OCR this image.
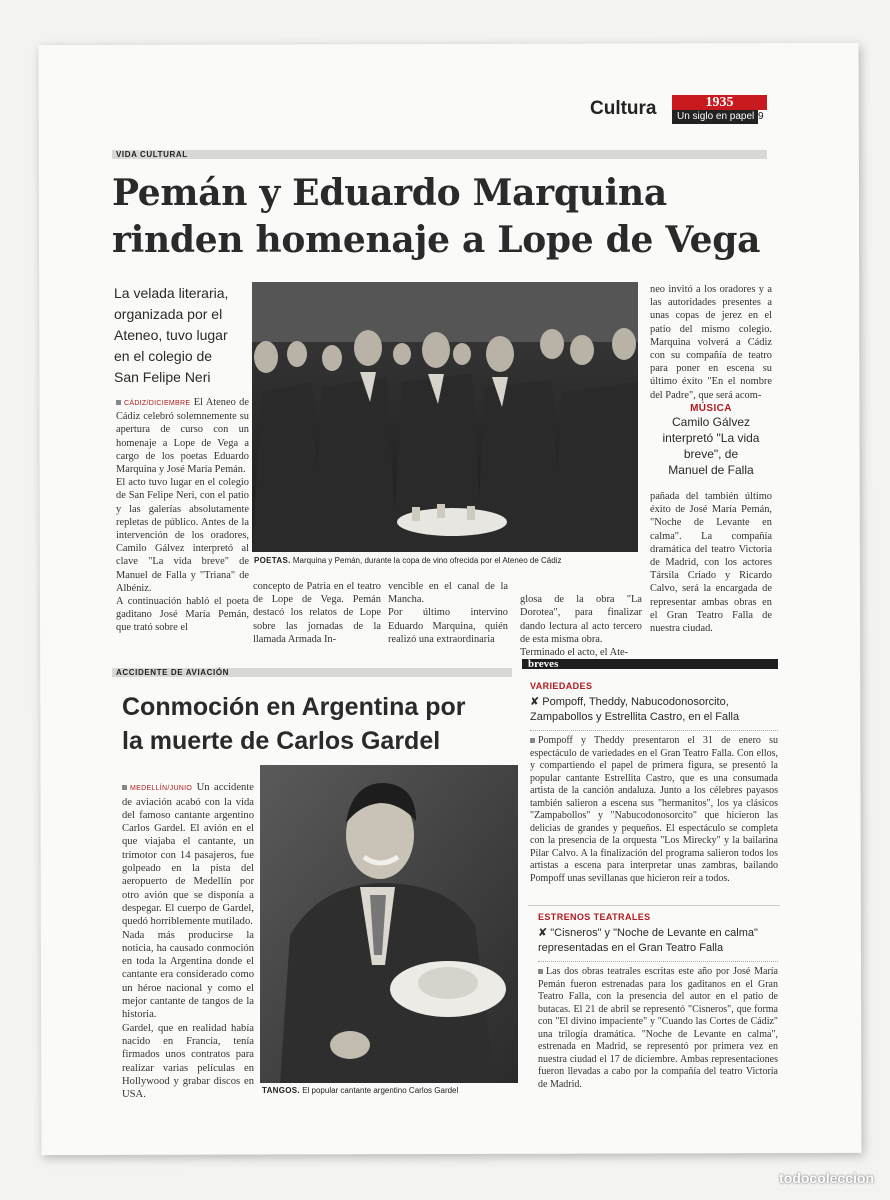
Cultura	1935
Un siglo en papel 9
VIDA CULTURAL
Pemán y Eduardo Marquina
rinden homenaje a Lope de Vega
La velada literaria,
organizada por el
Ateneo, tuvo lugar
en el colegio de
San Felipe Neri
POETAS. Marquina y Pemán, durante la copa de vino ofrecida por el Ateneo de Cádiz

CÁDIZ/DICIEMBRE El Ateneo de Cádiz celebró solemnemente su apertura de curso con un homenaje a Lope de Vega a cargo de los poetas Eduardo Marquina y José María Pemán.

El acto tuvo lugar en el colegio de San Felipe Neri, con el patio y las galerías absolutamente repletas de público. Antes de la intervención de los oradores, Camilo Gálvez interpretó al clave "La vida breve" de Manuel de Falla y "Triana" de Albéniz.

A continuación habló el poeta gaditano José María Pemán, que trató sobre el

concepto de Patria en el teatro de Lope de Vega. Pemán destacó los relatos de Lope sobre las jornadas de la llamada Armada In-

vencible en el canal de la Mancha.

Por último intervino Eduardo Marquina, quién realizó una extraordinaria

glosa de la obra "La Dorotea", para finalizar dando lectura al acto tercero de esta misma obra.
Terminado el acto, el Ate-

neo invitó a los oradores y a las autoridades presentes a unas copas de jerez en el patio del mismo colegio. Marquina volverá a Cádiz con su compañía de teatro para poner en escena su último éxito "En el nombre del Padre", que será acom-

MÚSICA
Camilo Gálvez
interpretó "La vida
breve", de
Manuel de Falla

pañada del también último éxito de José María Pemán, "Noche de Levante en calma". La compañía dramática del teatro Victoria de Madrid, con los actores Társila Criado y Ricardo Calvo, será la encargada de representar ambas obras en el Gran Teatro Falla de nuestra ciudad.

ACCIDENTE DE AVIACIÓN
Conmoción en Argentina por
la muerte de Carlos Gardel

MEDELLÍN/JUNIO Un accidente de aviación acabó con la vida del famoso cantante argentino Carlos Gardel. El avión en el que viajaba el cantante, un trimotor con 14 pasajeros, fue golpeado en la pista del aeropuerto de Medellín por otro avión que se disponía a despegar. El cuerpo de Gardel, quedó horriblemente mutilado.
Nada más producirse la noticia, ha causado conmoción en toda la Argentina donde el cantante era considerado como un héroe nacional y como el mejor cantante de tangos de la historia.
Gardel, que en realidad había nacido en Francia, tenía firmados unos contratos para realizar varias películas en Hollywood y grabar discos en USA.	TANGOS. El popular cantante argentino Carlos Gardel
breves
VARIEDADES
✘ Pompoff, Theddy, Nabucodonosorcito, Zampabollos y Estrellita Castro, en el Falla
Pompoff y Theddy presentaron el 31 de enero su espectáculo de variedades en el Gran Teatro Falla. Con ellos, y compartiendo el papel de primera figura, se presentó la popular cantante Estrellita Castro, que es una consumada artista de la canción andaluza. Junto a los célebres payasos también salieron a escena sus "hermanitos", los ya clásicos "Zampabollos" y "Nabucodonosorcito" que hicieron las delicias de grandes y pequeños. El espectáculo se completa con la presencia de la orquesta "Los Mirecky" y la bailarina Pilar Calvo. A la finalización del programa salieron todos los artistas a escena para interpretar unas zambras, bailando Pompoff unas sevillanas que hicieron reír a todos.
ESTRENOS TEATRALES
✘ "Cisneros" y "Noche de Levante en calma" representadas en el Gran Teatro Falla
Las dos obras teatrales escritas este año por José María Pemán fueron estrenadas para los gaditanos en el Gran Teatro Falla, con la presencia del autor en el patio de butacas. El 21 de abril se representó "Cisneros", que forma con "El divino impaciente" y "Cuando las Cortes de Cádiz" una trilogía dramática. "Noche de Levante en calma", estrenada en Madrid, se representó por primera vez en nuestra ciudad el 17 de diciembre. Ambas representaciones fueron llevadas a cabo por la compañía del teatro Victoria de Madrid.
todocoleccion
